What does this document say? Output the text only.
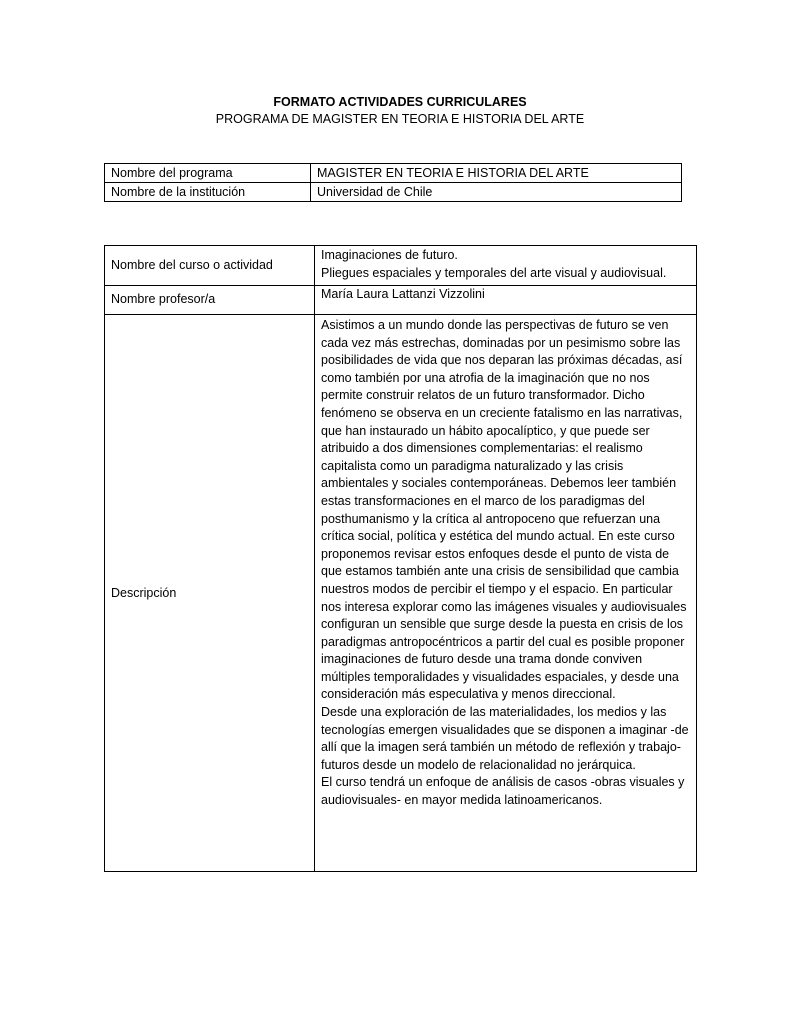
FORMATO ACTIVIDADES CURRICULARES
PROGRAMA DE MAGISTER EN TEORIA E HISTORIA DEL ARTE
Nombre del programa	MAGISTER EN TEORIA E HISTORIA DEL ARTE
Nombre de la institución	Universidad de Chile
Nombre del curso o actividad	Imaginaciones de futuro.
Pliegues espaciales y temporales del arte visual y audiovisual.

Nombre profesor/a	María Laura Lattanzi Vizzolini
Descripción	Asistimos a un mundo donde las perspectivas de futuro se ven cada vez más estrechas, dominadas por un pesimismo sobre las posibilidades de vida que nos deparan las próximas décadas, así como también por una atrofia de la imaginación que no nos permite construir relatos de un futuro transformador. Dicho fenómeno se observa en un creciente fatalismo en las narrativas, que han instaurado un hábito apocalíptico, y que puede ser atribuido a dos dimensiones complementarias: el realismo capitalista como un paradigma naturalizado y las crisis ambientales y sociales contemporáneas. Debemos leer también estas transformaciones en el marco de los paradigmas del posthumanismo y la crítica al antropoceno que refuerzan una crítica social, política y estética del mundo actual. En este curso proponemos revisar estos enfoques desde el punto de vista de que estamos también ante una crisis de sensibilidad que cambia nuestros modos de percibir el tiempo y el espacio. En particular nos interesa explorar como las imágenes visuales y audiovisuales configuran un sensible que surge desde la puesta en crisis de los paradigmas antropocéntricos a partir del cual es posible proponer imaginaciones de futuro desde una trama donde conviven múltiples temporalidades y visualidades espaciales, y desde una consideración más especulativa y menos direccional.
Desde una exploración de las materialidades, los medios y las tecnologías emergen visualidades que se disponen a imaginar -de allí que la imagen será también un método de reflexión y trabajo- futuros desde un modelo de relacionalidad no jerárquica.
El curso tendrá un enfoque de análisis de casos -obras visuales y audiovisuales- en mayor medida latinoamericanos.
